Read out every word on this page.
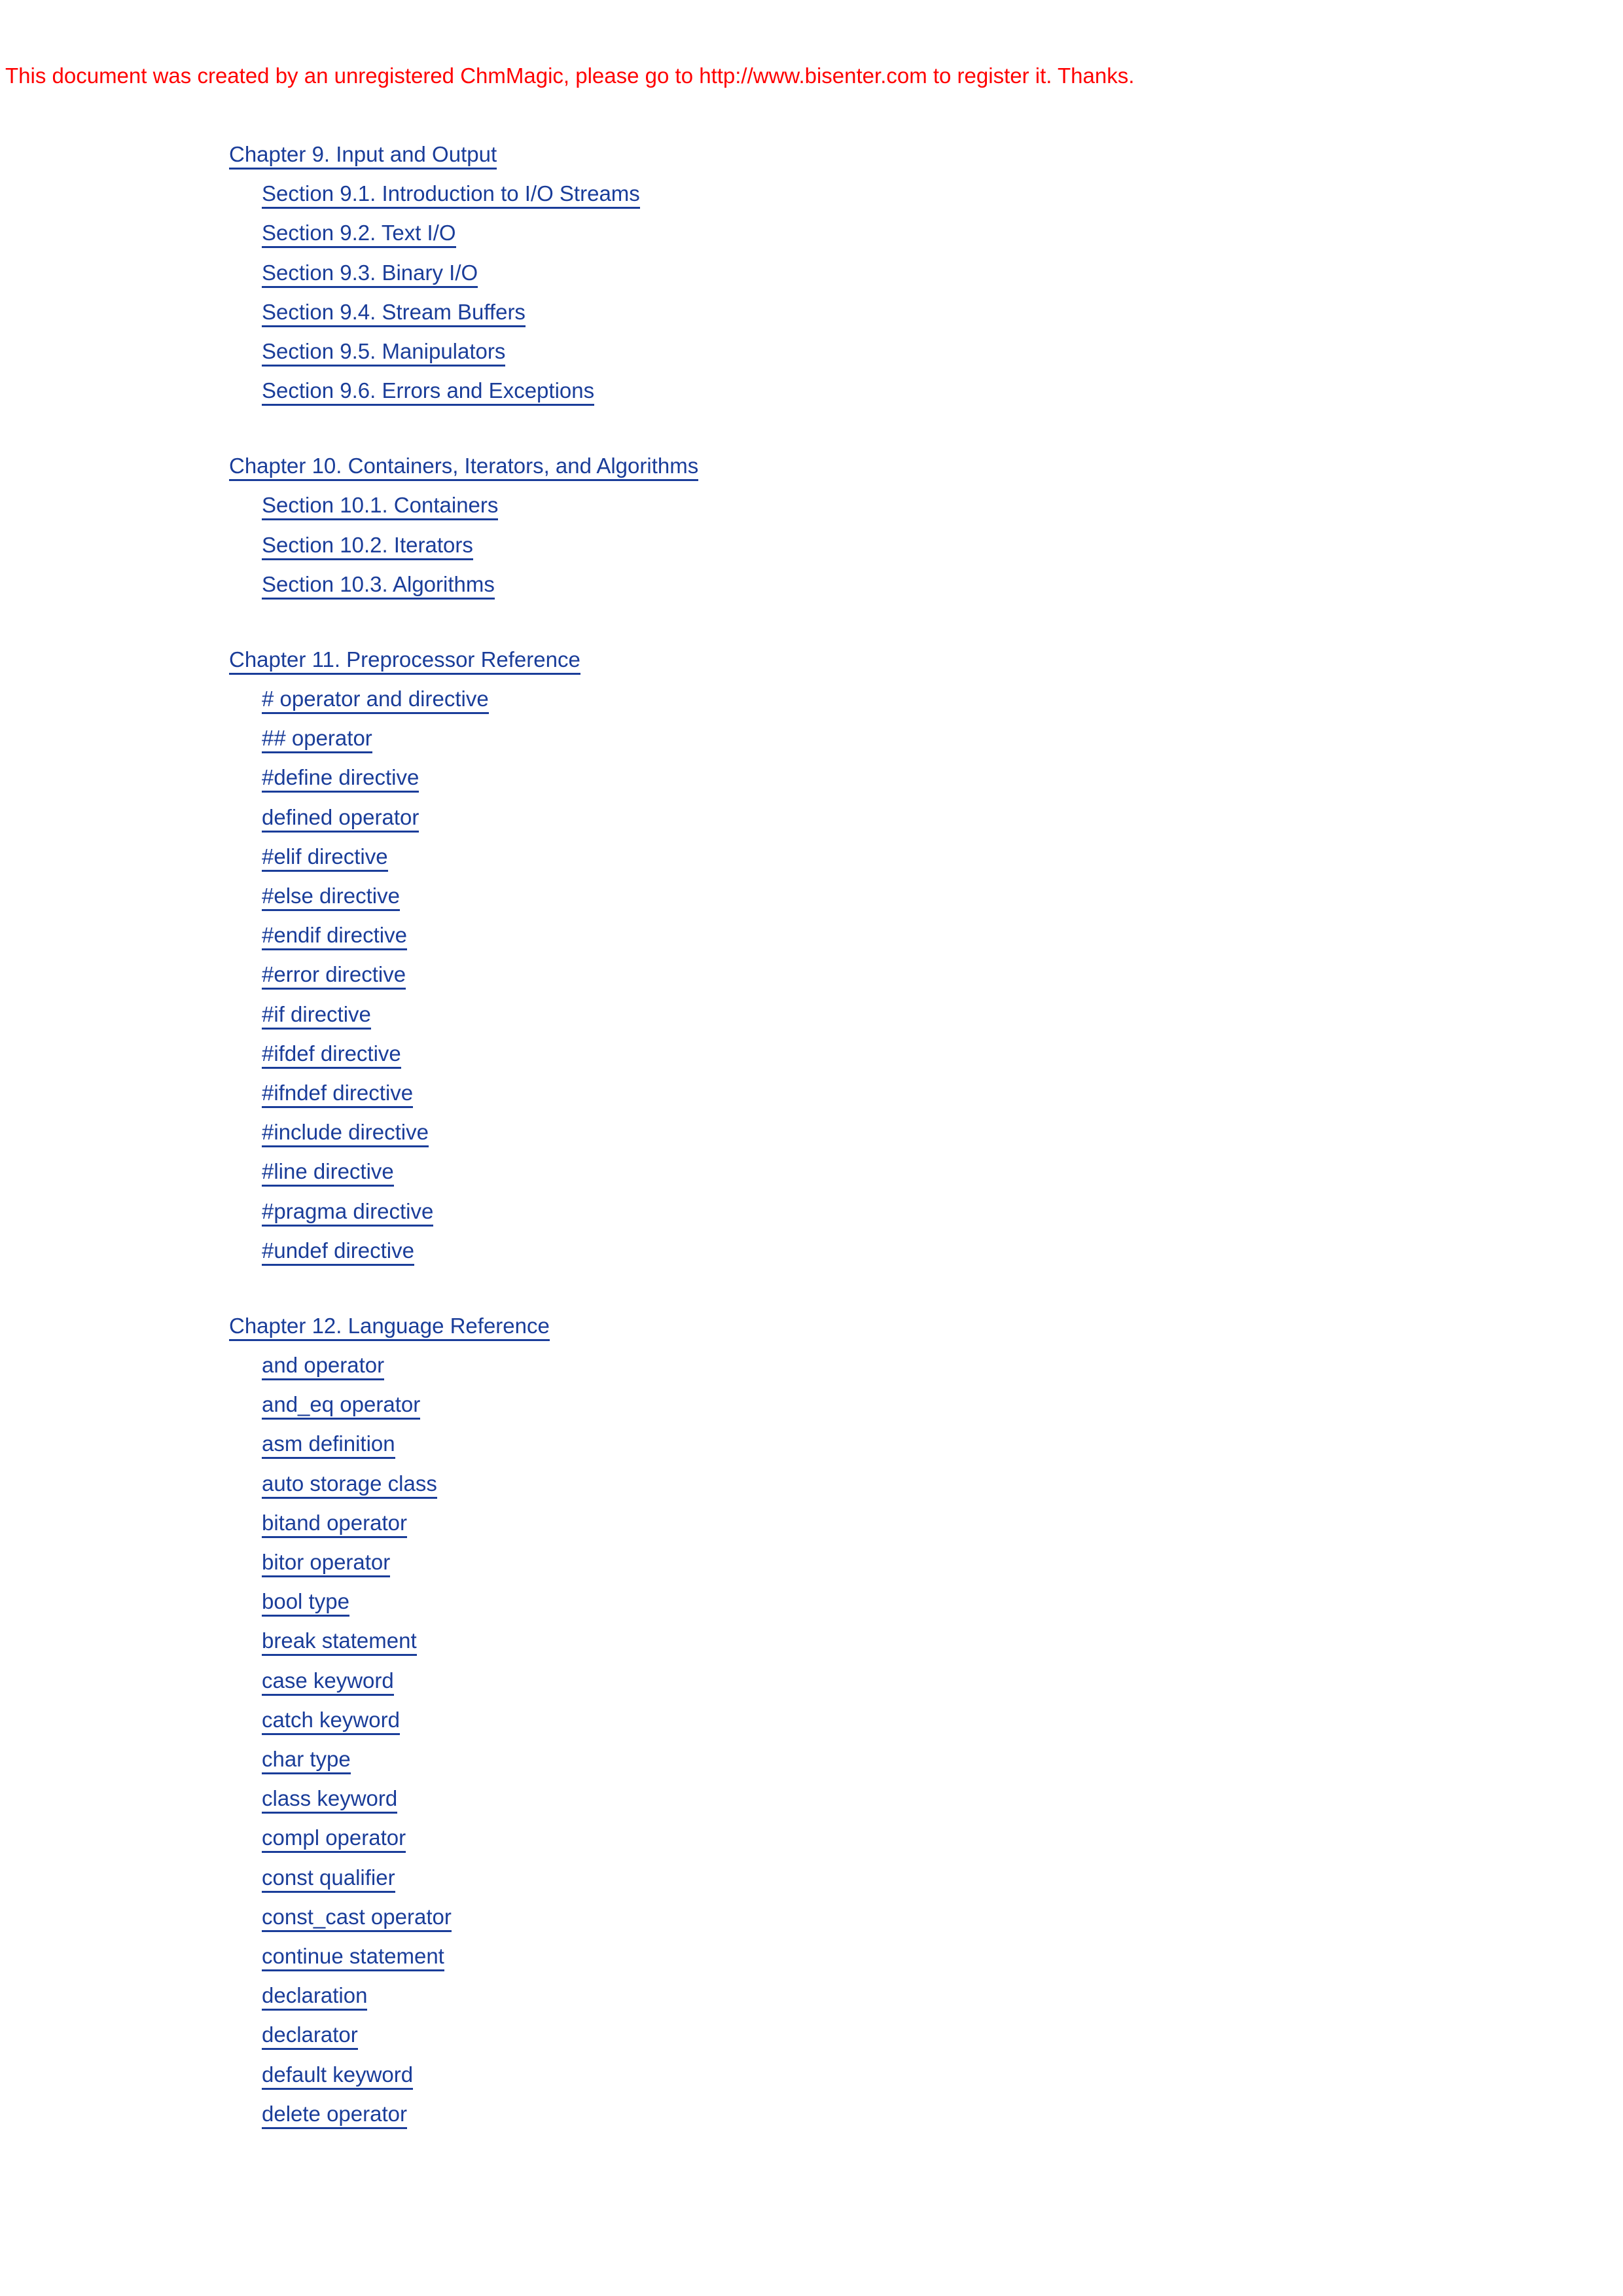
This document was created by an unregistered ChmMagic, please go to http://www.bisenter.com to register it. Thanks.
Chapter 9. Input and Output
Section 9.1. Introduction to I/O Streams
Section 9.2. Text I/O
Section 9.3. Binary I/O
Section 9.4. Stream Buffers
Section 9.5. Manipulators
Section 9.6. Errors and Exceptions
Chapter 10. Containers, Iterators, and Algorithms
Section 10.1. Containers
Section 10.2. Iterators
Section 10.3. Algorithms
Chapter 11. Preprocessor Reference
# operator and directive
## operator
#define directive
defined operator
#elif directive
#else directive
#endif directive
#error directive
#if directive
#ifdef directive
#ifndef directive
#include directive
#line directive
#pragma directive
#undef directive
Chapter 12. Language Reference
and operator
and_eq operator
asm definition
auto storage class
bitand operator
bitor operator
bool type
break statement
case keyword
catch keyword
char type
class keyword
compl operator
const qualifier
const_cast operator
continue statement
declaration
declarator
default keyword
delete operator
